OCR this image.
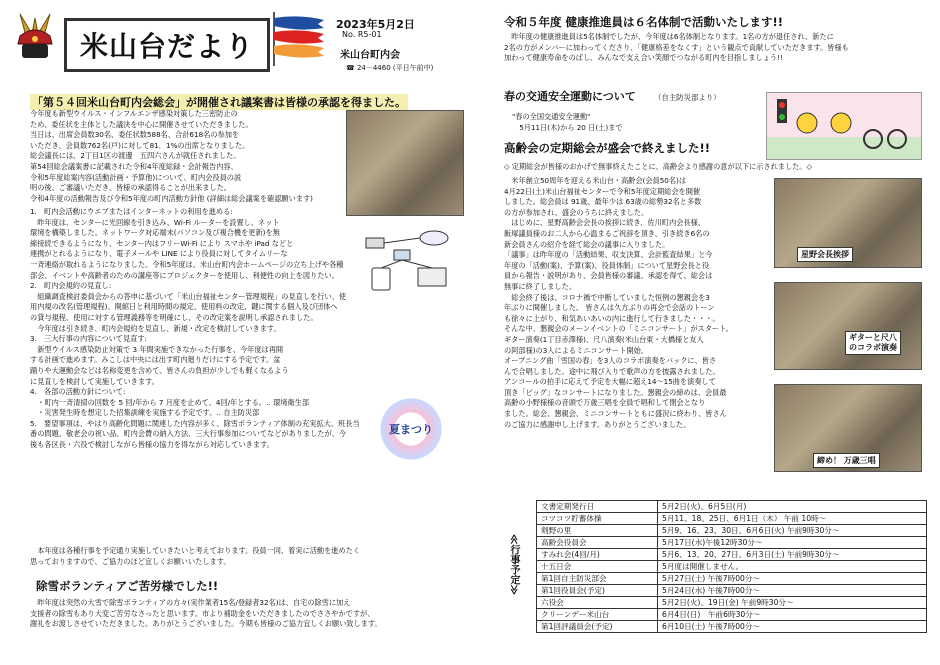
米山台だより
2023年5月2日
No. R5-01
米山台町内会
☎ 24－4460 (平日午前中)
「第５４回米山台町内会総会」が開催され議案書は皆様の承認を得ました。
今年度も新型ウイルス・インフルエンザ感染対策した三密防止の
ため、委任状を主体とした議決を中心に開催させていただきました。
当日は、出席会員数30名、委任状数588名、合計618名の参加を
いただき、会員数762名(戸)に対して81．1%の出席となりました。
総会議長には、2丁目1区の渡邊　五四六さんが就任されました。
第54回総会議案書に記載された令和4年度総録・会計報告内容、
令和5年度総案内容(活動計画・予算他)について、町内会役員の説
明の後、ご審議いただき、皆様の承認得ることが出来ました。
令和4年度の活動報告及び令和5年度の町内活動方針他 (詳細は総会議案を確認願います)
1.　町内会活動にウエブまたはインターネットの利用を進める:
　昨年度は、センターに光回線を引き込み、Wi-Fi ルーターを設置し、ネット
環境を構築しました。ネットワーク対応端末(パソコン及び複合機を更新)を無
線接続できるようになり、センター内はフリーWi-Fi により スマホや iPad などと
連携がとれるようになり、電子メールや LINE により役員に対してタイムリーな
一斉連絡が取れるようになりました。令和5年度は、米山台町内会ホームページの立ち上げや各種
部会、イベントや高齢者のための講座等にプロジェクターを使用し、利便性の向上を図りたい。
2.　町内会規約の見直し:
　組織調査検討委員会からの答申に基づいて「米山台福祉センター管理規程」の見直しを行い、使
用内規の改名(管理規程)、開館日と利用時間の規定、使用料の改定、鍵に関する個人及び団体へ
の貸与規程、使用に対する管理義務等を明確にし、その改定案を説明し承認されました。
　今年度は引き続き、町内会規約を見直し、新規・改定を検討していきます。
3.　三大行事の内容について見直す:
　新型ウイルス感染防止対策で 3 年間実施できなかった行事を、今年度は再開
する計画で進めます。みこしは中央には出す町内廻りだけにする予定です。盆
踊りや大運動会などは名称変更を含めて、皆さんの負担が少しでも軽くなるよう
に見直しを検討して実施していきます。
4.　各部の活動方針について:
　・町内一斉清掃の回数を 5 回/年から 7 月度を止めて、4回/年とする。‥ 環境衛生部
　・災害発生時を想定した招集訓練を実施する予定です。‥ 自主防災部
5.　要望事項は、やはり高齢化問題に関連した内容が多く、除雪ボランティア体制の充実拡大、班長当
番の問題、敬老会の祝い品、町内会費の納入方法、三大行事参加についてなどがありましたが、今
後も各区長・六役で検討しながら皆様の協力を得ながら対応していきます。
夏まつり
　本年度は各種行事を予定通り実施していきたいと考えております。役員一同、着実に活動を進めたく
思っておりますので、ご協力のほど宜しくお願いいたします。
除雪ボランティアご苦労様でした!!
　昨年度は突然の大雪で除雪ボランティアの方々(実作業者15名/登録者32名)は、自宅の除雪に加え
支援者の除雪もあり大変ご苦労なさったと思います。市より補助金をいただきましたのでささやかですが、
謝礼をお渡しさせていただきました。ありがとうございました。今期も皆様のご協力宜しくお願い致します。
令和５年度 健康推進員は６名体制で活動いたします!!
　昨年度の健康推進員は5名体制でしたが、今年度は6名体制となります。1名の方が退任され、新たに
2名の方がメンバーに加わってくださり、「健康格差をなくす」という観点で貢献していただきます。皆様も
加わって健康寿命をのばし、みんなで支え合い笑顔でつながる町内を目指しましょう!!
春の交通安全運動について （自主防災部より）
"春の全国交通安全運動"
　5月11日(木)から 20 日(土)まで
高齢会の定期総会が盛会で終えました!!
◇ 定期総会が皆様のおかげで無事終えたことに、高齢会より感謝の意が以下に示されました。◇
　米年創立50周年を迎える米山台・高齢会(会員50名)は
4月22日(土)米山台福祉センターで令和5年度定期総会を開催
しました。総会員は 91歳、最年少は 63歳の総勢32名と多数
の方が参加され、盛会のうちに終えました。
　はじめに、星野高齢会会長の挨拶に続き、佐川町内会長様、
飯塚議員様のお二人から心温まるご祝辞を頂き、引き続き6名の
新会員さんの紹介を経て総会の議事に入りました。
「議事」は昨年度の「活動結果、収支決算、会計監査結果」と今
年度の「活動(案)、予算(案)、役員体制」について星野会長と役
員から報告・説明があり、会員皆様の審議、承認を得て、総会は
無事に終了しました。
　総会終了後は、コロナ禍で中断していました恒例の懇親会を3
年ぶりに開催しました。 皆さんは久方ぶりの再会で会話のトーン
も徐々に上がり、和気あいあいの内に進行して行きました・・・。
そんな中、懇親会のメーンイベントの「ミニコンサート」がスタート。
ギター演奏(1丁目赤澤様)、尺八演奏(米山台東・大橋様と友人
の阿部様)の3人によるミニコンサート開始。
オープニング曲「雪国の春」を3人のコラボ演奏をバックに、皆さ
んで合唱しました。途中に飛び入りで歌声の方を披露されました。
アンコールの拍手に応えて予定を大幅に超え14〜15曲を演奏して
頂き「ビッグ」なコンサートになりました。懇親会の締めは、会員最
高齢の小野様様の音頭で万歳三唱を全員で唱和して閉会となり
ました。総会、懇親会、ミニコンサートともに盛況に終わり、皆さん
のご協力に感謝申し上げます。ありがとうございました。
星野会長挨拶
ギターと尺八
のコラボ演奏
締め！ 万歳三唱
≪行事予定≫
文書定期発行日	5月2日(火)、6月5日(月)
コツコツ貯蓄体操	5月11、18、25日、6月1日（木） 午前 10時〜
剣野の里	5月9、16、23、30日、6月6日(火) 午前9時30分〜
高齢会役員会	5月17日(水)午後12時30分〜
すみれ会(4回/月)	5月6、13、20、27日、6月3日(土) 午前9時30分〜
十五日会	5月度は開催しません。
第1回自主防災部会	5月27日(土) 午後7時00分〜
第1回役員会(予定)	5月24日(水) 午後7時00分〜
六役会	5月2日(火)、19日(金) 午前9時30分〜
クリーンデー米山台	6月4日(日)　午前6時30分〜
第1回評議員会(予定)	6月10日(土) 午後7時00分〜
